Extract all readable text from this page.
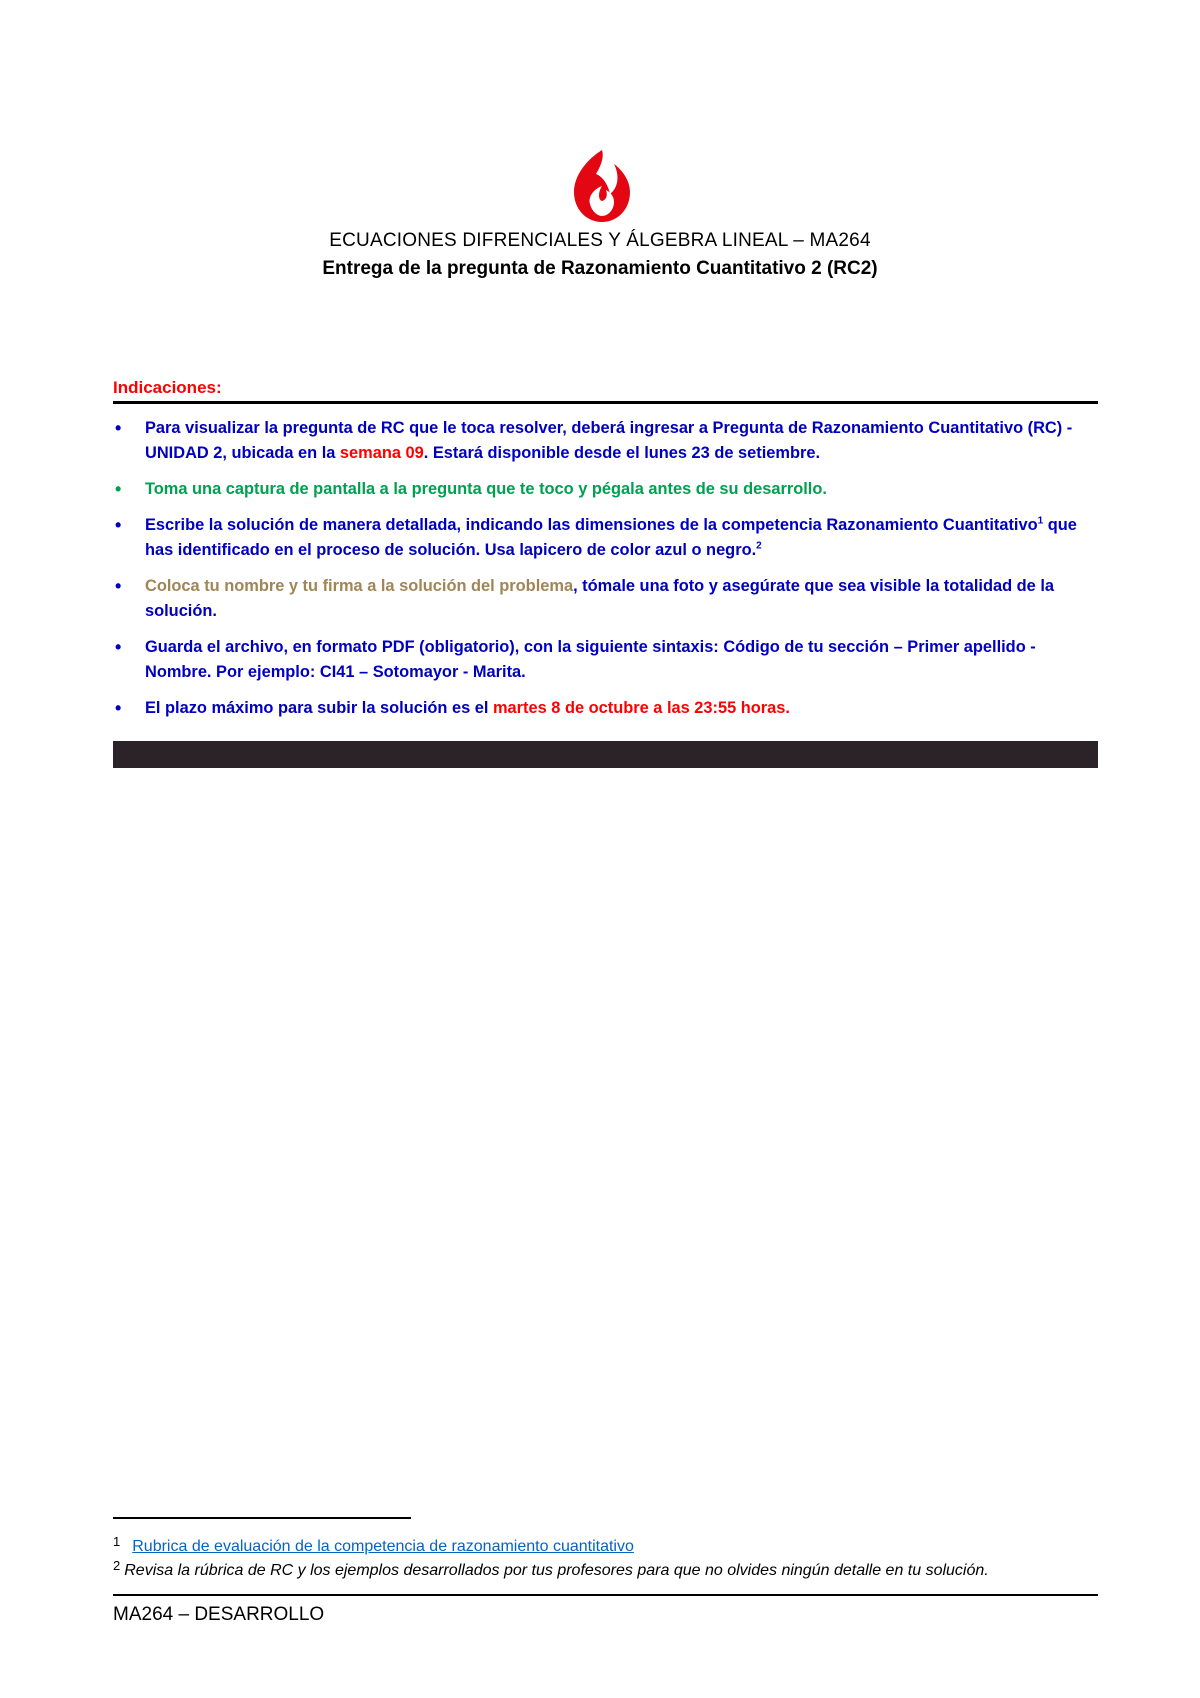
ECUACIONES DIFRENCIALES Y ÁLGEBRA LINEAL – MA264
Entrega de la pregunta de Razonamiento Cuantitativo 2 (RC2)
Indicaciones:
• Para visualizar la pregunta de RC que le toca resolver, deberá ingresar a Pregunta de Razonamiento Cuantitativo (RC) - UNIDAD 2, ubicada en la semana 09. Estará disponible desde el lunes 23 de setiembre.
• Toma una captura de pantalla a la pregunta que te toco y pégala antes de su desarrollo.
• Escribe la solución de manera detallada, indicando las dimensiones de la competencia Razonamiento Cuantitativo$^1$ que has identificado en el proceso de solución. Usa lapicero de color azul o negro.$^2$
• Coloca tu nombre y tu firma a la solución del problema, tómale una foto y asegúrate que sea visible la totalidad de la solución.
• Guarda el archivo, en formato PDF (obligatorio), con la siguiente sintaxis: Código de tu sección – Primer apellido - Nombre. Por ejemplo: CI41 – Sotomayor - Marita.
• El plazo máximo para subir la solución es el martes 8 de octubre a las 23:55 horas.
$^1$ Rubrica de evaluación de la competencia de razonamiento cuantitativo
$^2$ Revisa la rúbrica de RC y los ejemplos desarrollados por tus profesores para que no olvides ningún detalle en tu solución.
MA264 – DESARROLLO
